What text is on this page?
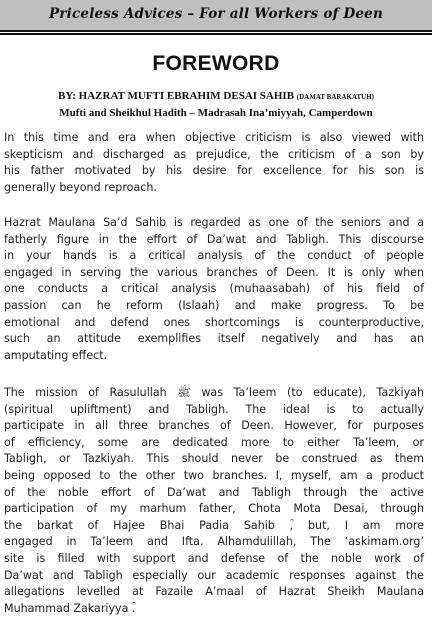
Priceless Advices – For all Workers of Deen
FOREWORD
BY: HAZRAT MUFTI EBRAHIM DESAI SAHIB (DAMAT BARAKATUH)
Mufti and Sheikhul Hadith – Madrasah Ina’miyyah, Camperdown
In this time and era when objective criticism is also viewed with
skepticism and discharged as prejudice, the criticism of a son by
his father motivated by his desire for excellence for his son is
generally beyond reproach.
Hazrat Maulana Sa’d Sahib is regarded as one of the seniors and a
fatherly figure in the effort of Da’wat and Tabligh. This discourse
in your hands is a critical analysis of the conduct of people
engaged in serving the various branches of Deen. It is only when
one conducts a critical analysis (muhaasabah) of his field of
passion can he reform (Islaah) and make progress. To be
emotional and defend ones shortcomings is counterproductive,
such an attitude exemplifies itself negatively and has an
amputating effect.
The mission of Rasulullah ﷺ was Ta’leem (to educate), Tazkiyah
(spiritual upliftment) and Tabligh. The ideal is to actually
participate in all three branches of Deen. However, for purposes
of efficiency, some are dedicated more to either Ta’leem, or
Tabligh, or Tazkiyah. This should never be construed as them
being opposed to the other two branches. I, myself, am a product
of the noble effort of Da’wat and Tabligh through the active
participation of my marhum father, Chota Mota Desai, through
the barkat of Hajee Bhai Padia Sahib ؒ, but, I am more
engaged in Ta’leem and Ifta. Alhamdulillah, The ‘askimam.org’
site is filled with support and defense of the noble work of
Da’wat and Tabligh especially our academic responses against the
allegations levelled at Fazaile A’maal of Hazrat Sheikh Maulana
Muhammad Zakariyya ؒ.
